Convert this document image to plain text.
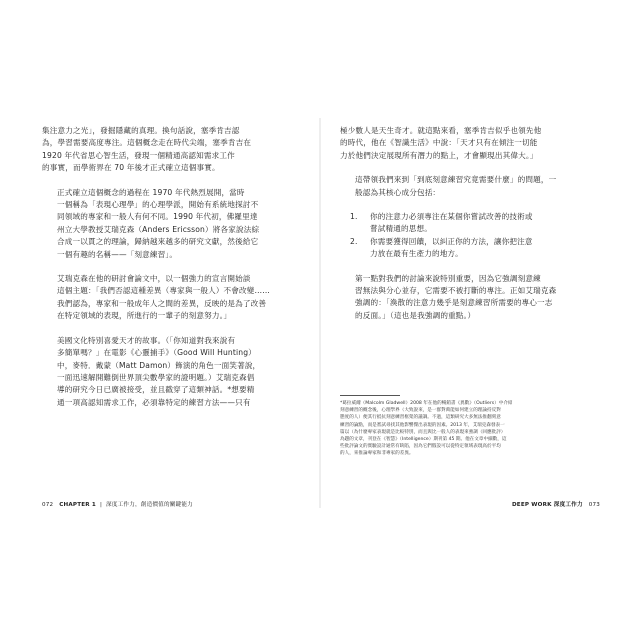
集注意力之光」，發掘隱藏的真理。換句話說，塞季肯吉認
為，學習需要高度專注。這個概念走在時代尖端，塞季肯吉在
1920 年代省思心智生活，發現一個精通高認知需求工作
的事實，而學術界在 70 年後才正式確立這個事實。
正式確立這個概念的過程在 1970 年代熱烈展開，當時
一個稱為「表現心理學」的心理學派，開始有系統地探討不
同領域的專家和一般人有何不同。1990 年代初，佛羅里達
州立大學教授艾瑞克森（Anders Ericsson）將各家說法綜
合成一以貫之的理論，歸納越來越多的研究文獻，然後給它
一個有趣的名稱——「刻意練習」。
艾瑞克森在他的研討會論文中，以一個強力的宣言開始談
這個主題：「我們否認這種差異（專家與一般人）不會改變……
我們認為，專家和一般成年人之間的差異，反映的是為了改善
在特定領域的表現，所進行的一輩子的刻意努力。」
美國文化特別喜愛天才的故事。（「你知道對我來說有
多簡單嗎？」在電影《心靈捕手》（Good Will Hunting）
中，麥特．戴蒙（Matt Damon）飾演的角色一面笑著說，
一面迅速解開難倒世界頂尖數學家的證明題。）艾瑞克森倡
導的研究今日已廣被接受，並且戳穿了這類神話。*想要精
通一項高認知需求工作，必須靠特定的練習方法——只有
極少數人是天生奇才。就這點來看，塞季肯吉似乎也領先他
的時代，他在《智識生活》中說：「天才只有在傾注一切能
力於他們決定展現所有潛力的點上，才會顯現出其偉大。」
這帶領我們來到「到底刻意練習究竟需要什麼」的問題，一
般認為其核心成分包括：
1. 你的注意力必須專注在某個你嘗試改善的技術或
嘗試精通的思想。
2. 你需要獲得回饋，以糾正你的方法，讓你把注意
力放在最有生產力的地方。
第一點對我們的討論來說特別重要，因為它強調刻意練
習無法與分心並存，它需要不被打斷的專注。正如艾瑞克森
強調的：「渙散的注意力幾乎是刻意練習所需要的專心一志
的反面。」（這也是我強調的重點。）
*葛拉威爾（Malcolm Gladwell）2008 年在他的暢銷書《異數》（Outliers）中介紹
刻意練習的概念後，心理學界（大致說來，是一群對萬能如何建立的理論持反對
態度的人）便其行抵抗刻意練習框架的議調。不過，這類研究大多無法推翻刻意
練習的論點，而是嘗試尋找其他影響傑出表現的因素。2013 年，艾瑞克森發表一
篇以（為什麼專家表現就是比較特別，而且與比一般人的表現來強調（回應批評）
為題的文章，刊登在《智慧》（Intelligence）期刊第 45 期。他在文章中細數，這
些批評論文的實驗設計通常有缺陷，因為它們假設可以從特定領域表現高於平均
的人，來推論專家和非專家的差異。
072 CHAPTER 1  |  深度工作力，創造價值的關鍵能力	DEEP WORK 深度工作力 073
